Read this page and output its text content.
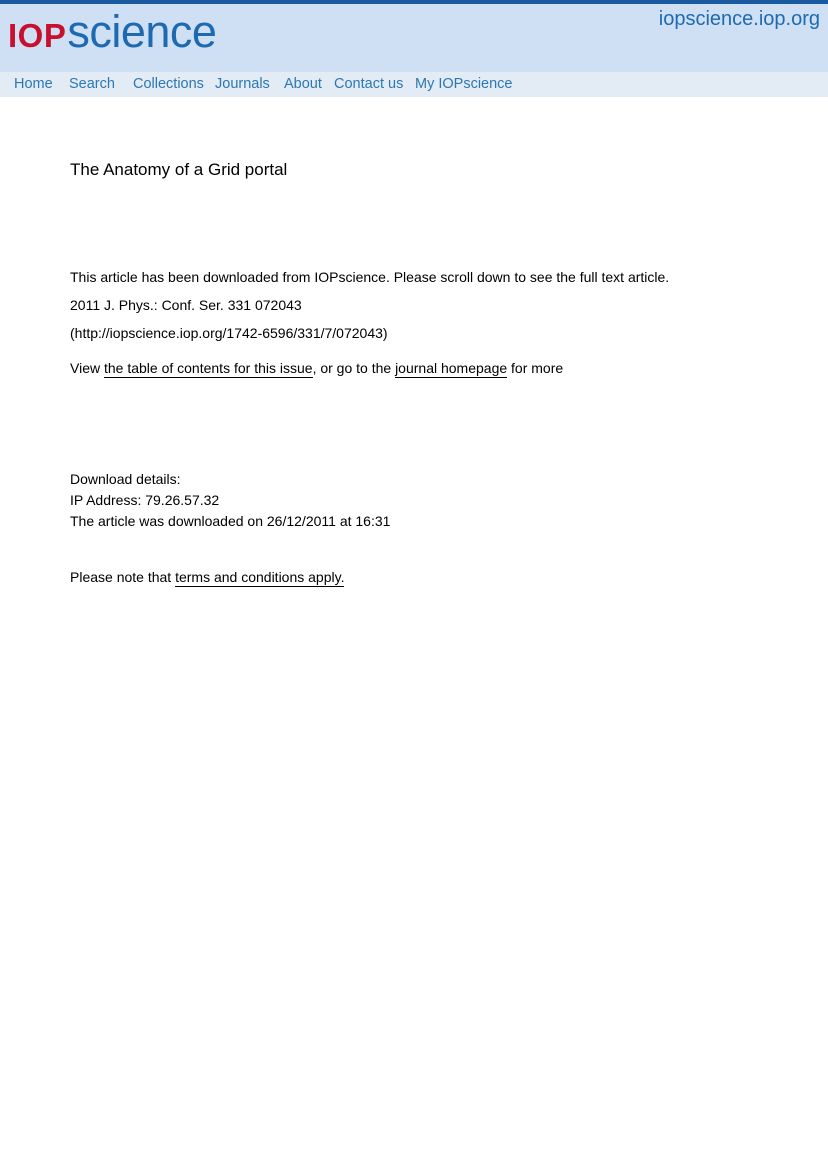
IOP science	iopscience.iop.org
Home Search Collections Journals About Contact us My IOPscience
The Anatomy of a Grid portal
This article has been downloaded from IOPscience. Please scroll down to see the full text article.
2011 J. Phys.: Conf. Ser. 331 072043
(http://iopscience.iop.org/1742-6596/331/7/072043)
View the table of contents for this issue, or go to the journal homepage for more
Download details:
IP Address: 79.26.57.32
The article was downloaded on 26/12/2011 at 16:31
Please note that terms and conditions apply.
